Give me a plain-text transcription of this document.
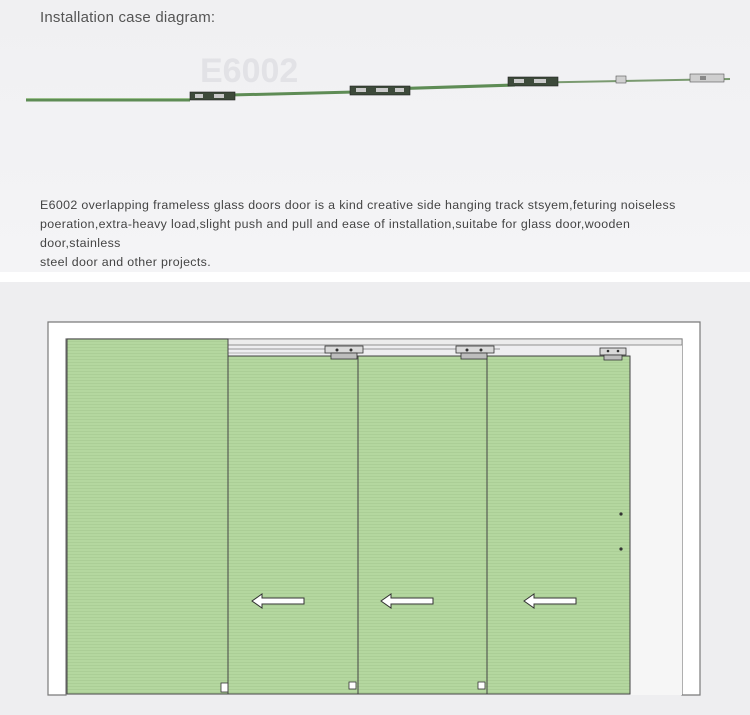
Installation case diagram:
E6002
E6002 overlapping frameless glass doors door is a kind creative side hanging track stsyem,feturing noiseless
poeration,extra-heavy load,slight push and pull and ease of installation,suitabe for glass door,wooden door,stainless
steel door and other projects.
